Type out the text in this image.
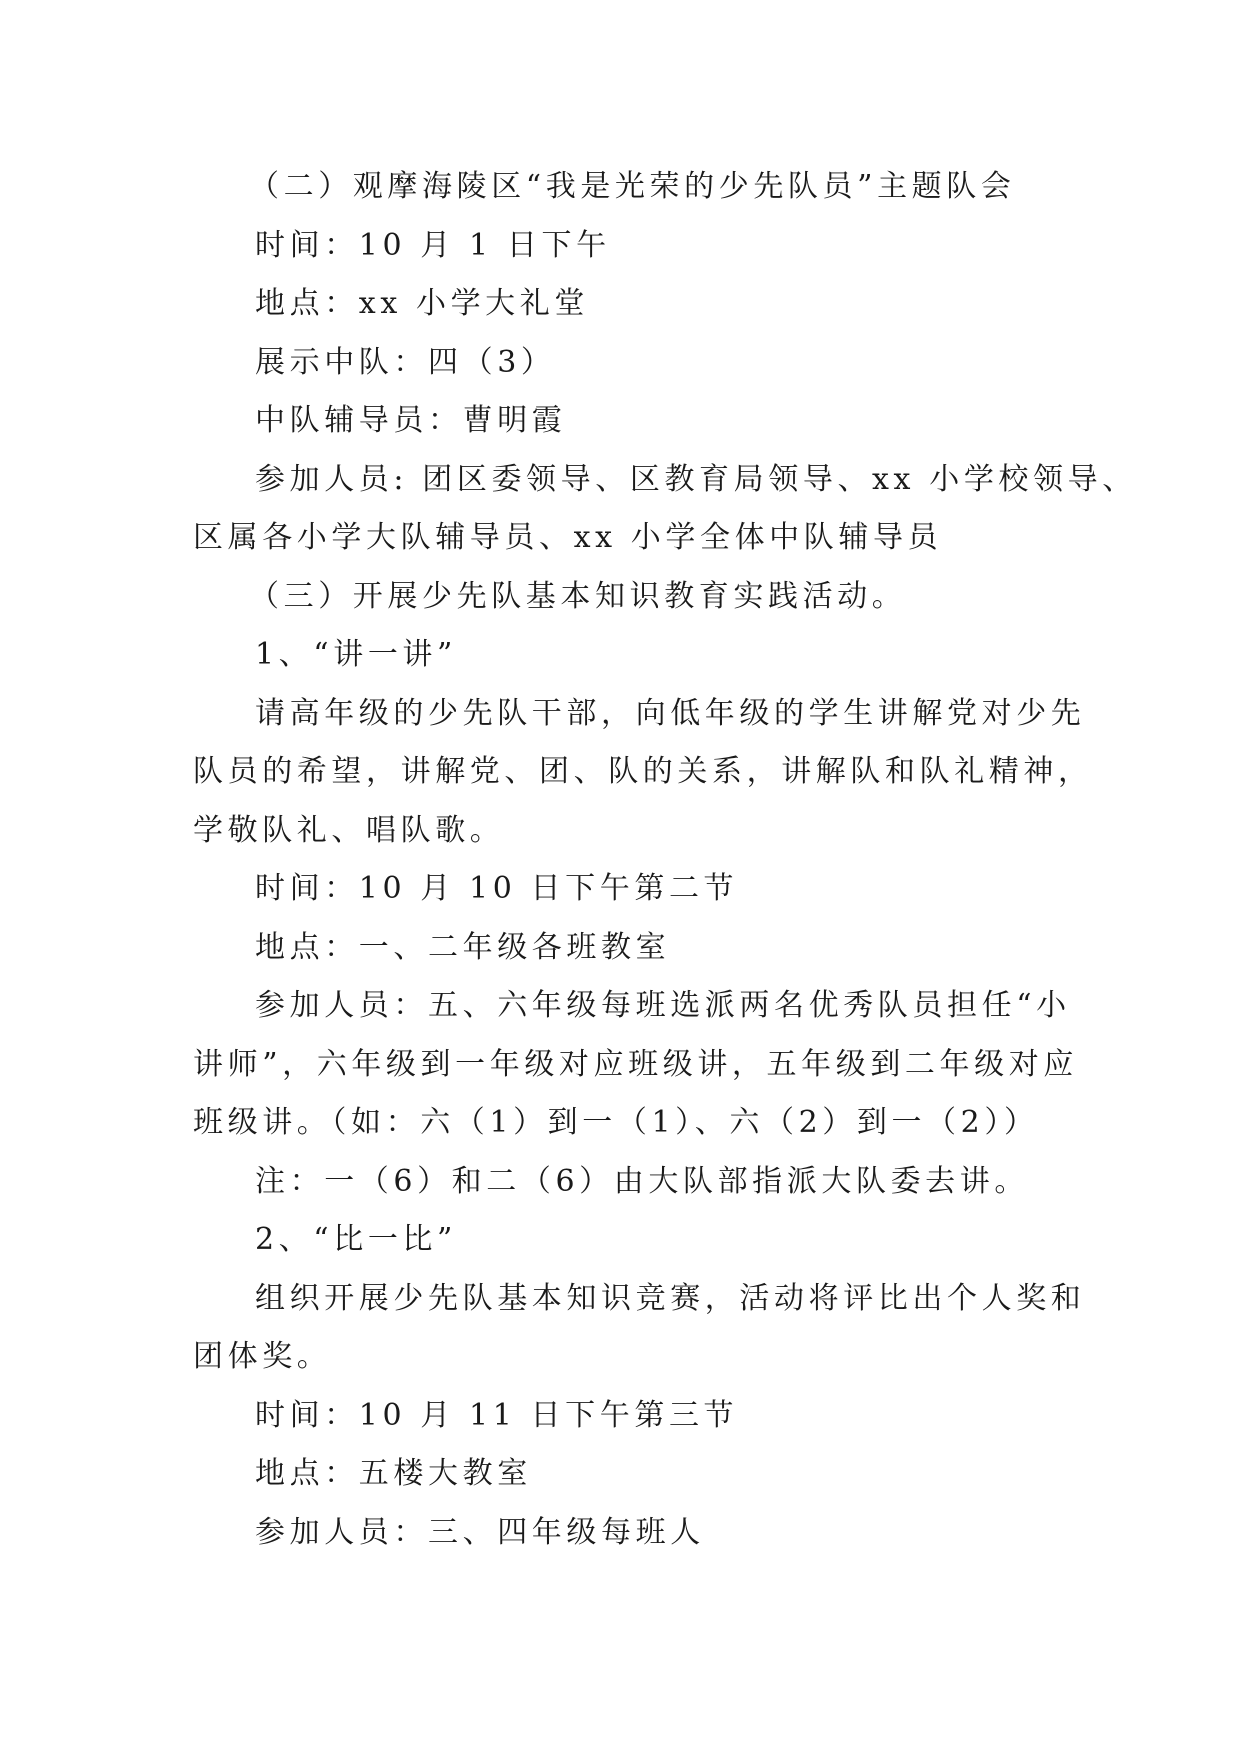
（二）观摩海陵区“我是光荣的少先队员”主题队会
时间：10 月 1 日下午
地点：xx 小学大礼堂
展示中队：四（3）
中队辅导员：曹明霞
参加人员: 团区委领导、区教育局领导、xx 小学校领导、
区属各小学大队辅导员、xx 小学全体中队辅导员
（三）开展少先队基本知识教育实践活动。
1、“讲一讲”
请高年级的少先队干部，向低年级的学生讲解党对少先
队员的希望，讲解党、团、队的关系，讲解队和队礼精神，
学敬队礼、唱队歌。
时间：10 月 10 日下午第二节
地点：一、二年级各班教室
参加人员：五、六年级每班选派两名优秀队员担任“小
讲师”，六年级到一年级对应班级讲，五年级到二年级对应
班级讲。（如：六（1）到一（1）、六（2）到一（2））
注：一（6）和二（6）由大队部指派大队委去讲。
2、“比一比”
组织开展少先队基本知识竞赛，活动将评比出个人奖和
团体奖。
时间：10 月 11 日下午第三节
地点：五楼大教室
参加人员：三、四年级每班人
